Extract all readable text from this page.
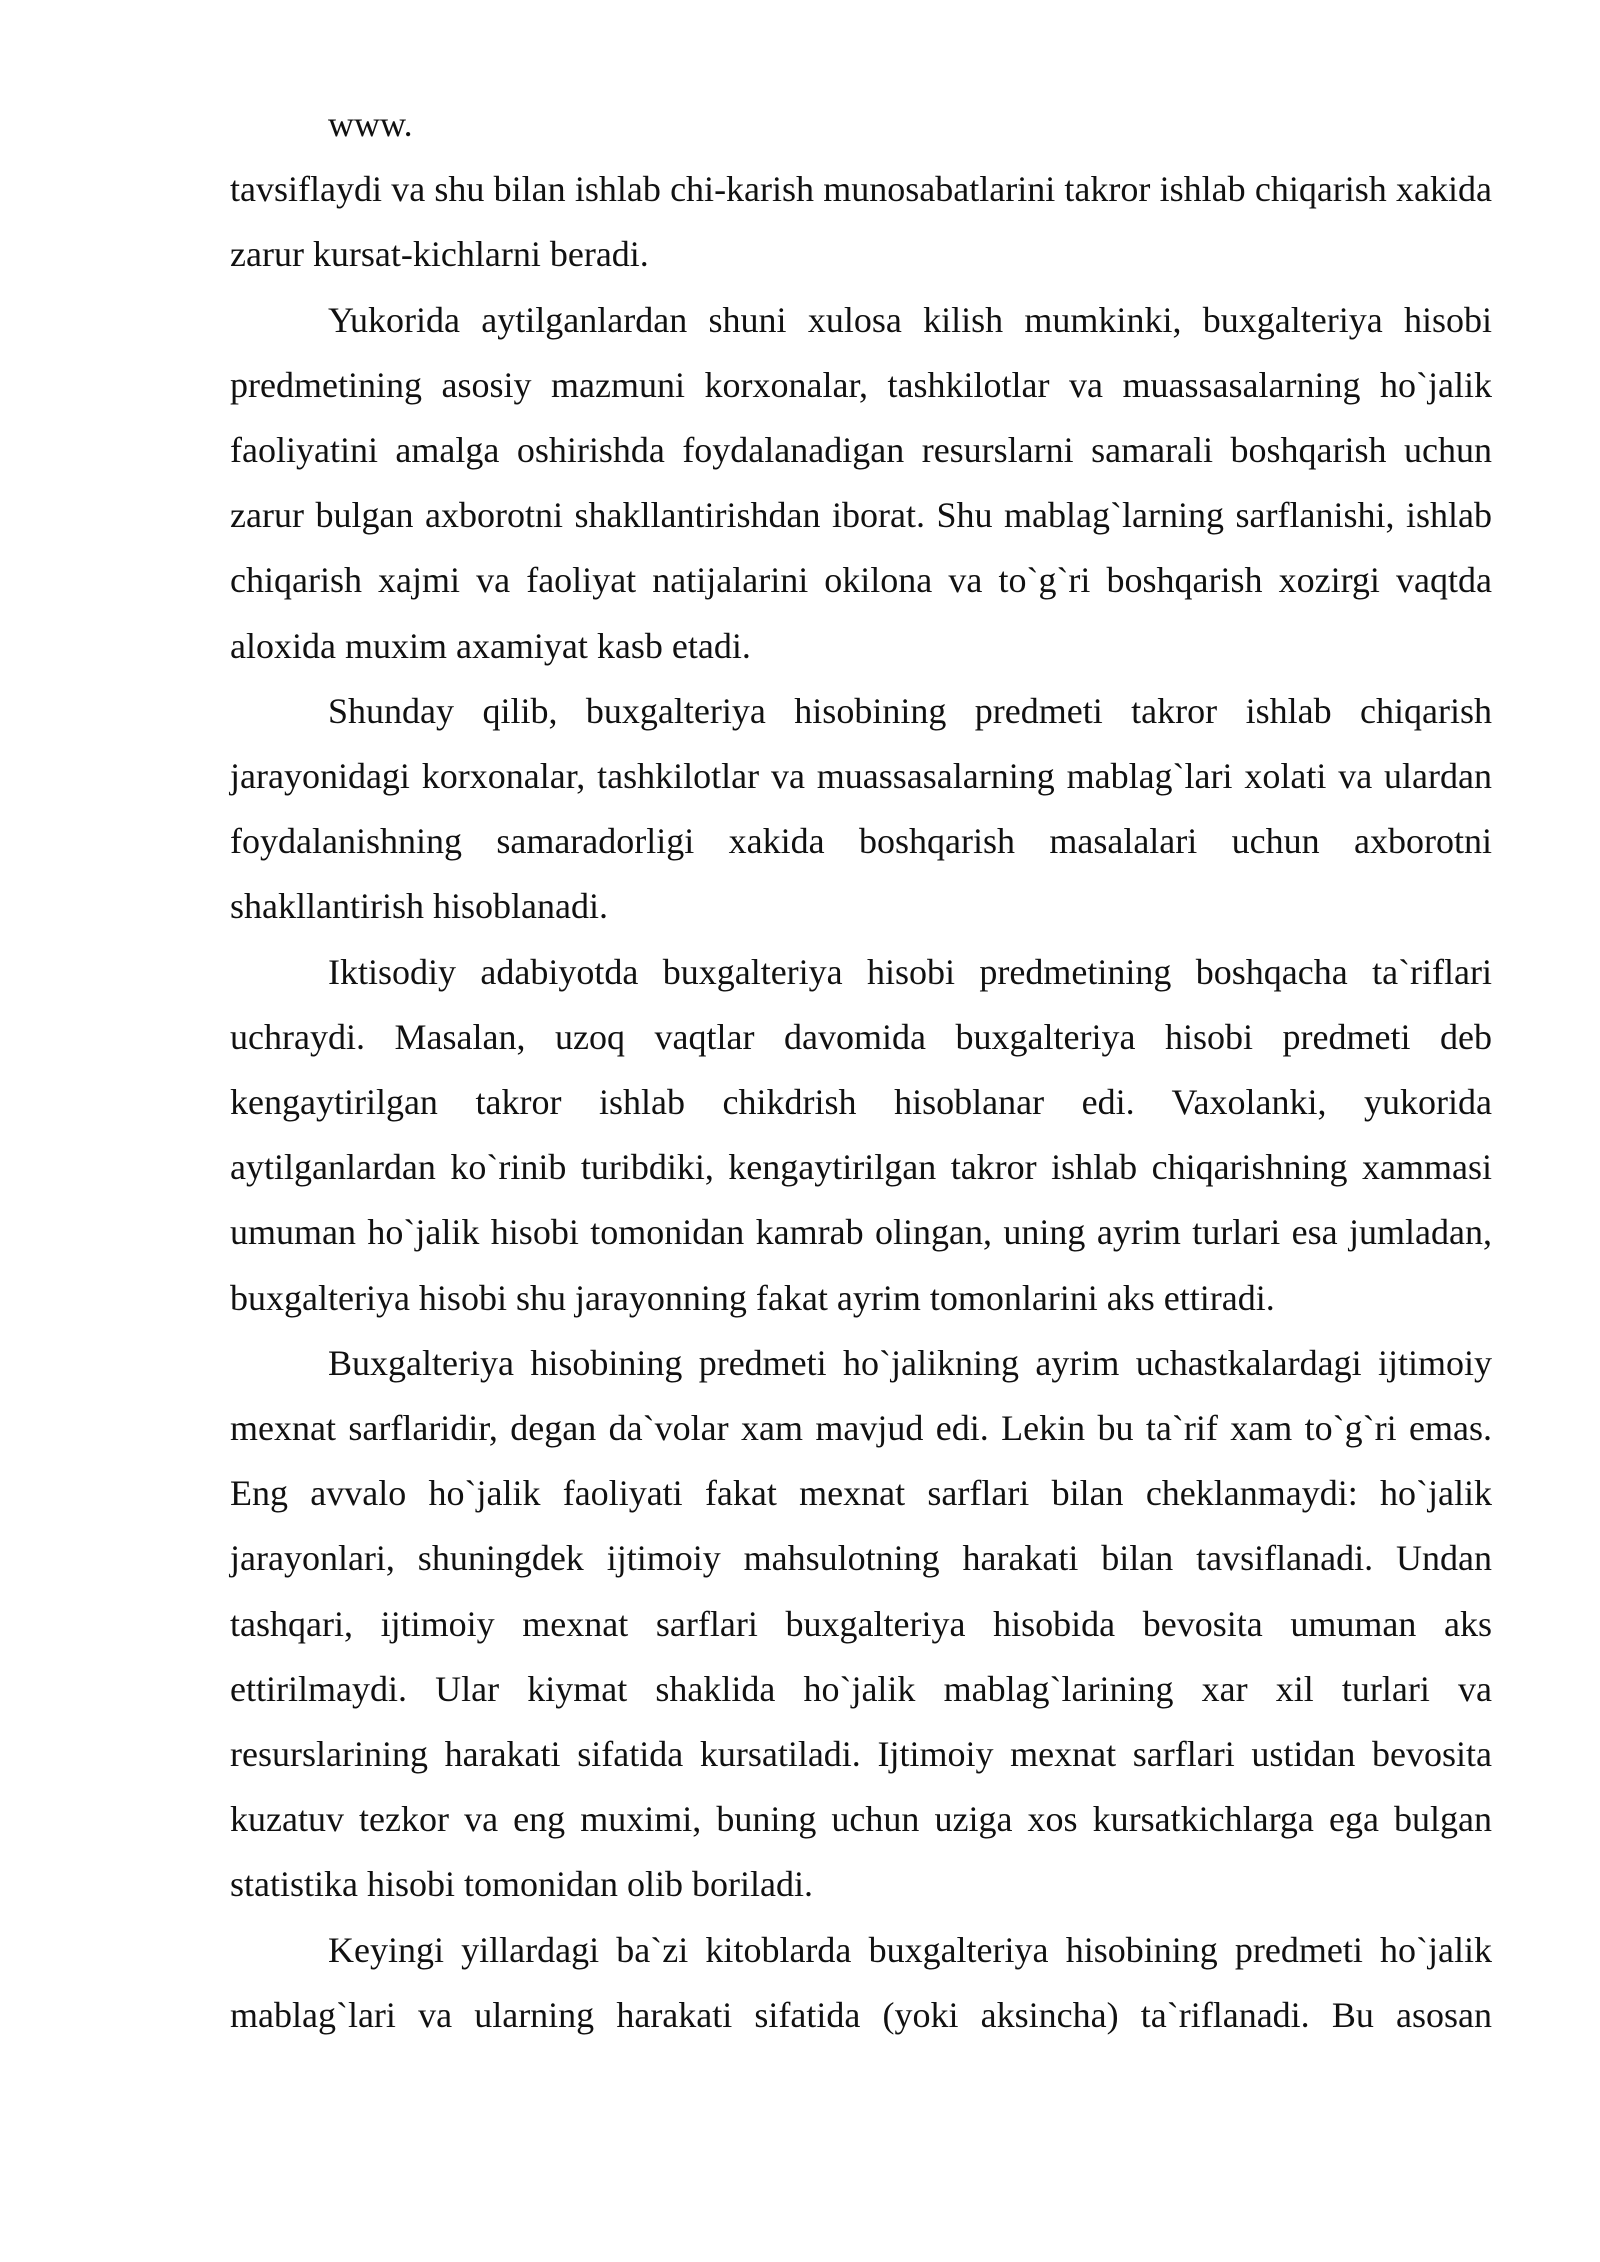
www.

tavsiflaydi va shu bilan ishlab chi-karish munosabatlarini takror ishlab chiqarish xakida zarur kursat-kichlarni beradi.

Yukorida aytilganlardan shuni xulosa kilish mumkinki, buxgalteriya hisobi predmetining asosiy mazmuni korxonalar, tashkilotlar va muassasalarning ho`jalik faoliyatini amalga oshirishda foydalanadigan resurslarni samarali boshqarish uchun zarur bulgan axborotni shakllantirishdan iborat. Shu mablag`larning sarflanishi, ishlab chiqarish xajmi va faoliyat natijalarini okilona va to`g`ri boshqarish xozirgi vaqtda aloxida muxim axamiyat kasb etadi.

Shunday qilib, buxgalteriya hisobining predmeti takror ishlab chiqarish jarayonidagi korxonalar, tashkilotlar va muassasalarning mablag`lari xolati va ulardan foydalanishning samaradorligi xakida boshqarish masalalari uchun axborotni shakllantirish hisoblanadi.

Iktisodiy adabiyotda buxgalteriya hisobi predmetining boshqacha ta`riflari uchraydi. Masalan, uzoq vaqtlar davomida buxgalteriya hisobi predmeti deb kengaytirilgan takror ishlab chikdrish hisoblanar edi. Vaxolanki, yukorida aytilganlardan ko`rinib turibdiki, kengaytirilgan takror ishlab chiqarishning xammasi umuman ho`jalik hisobi tomonidan kamrab olingan, uning ayrim turlari esa jumladan, buxgalteriya hisobi shu jarayonning fakat ayrim tomonlarini aks ettiradi.

Buxgalteriya hisobining predmeti ho`jalikning ayrim uchastkalardagi ijtimoiy mexnat sarflaridir, degan da`volar xam mavjud edi. Lekin bu ta`rif xam to`g`ri emas. Eng avvalo ho`jalik faoliyati fakat mexnat sarflari bilan cheklanmaydi: ho`jalik jarayonlari, shuningdek ijtimoiy mahsulotning harakati bilan tavsiflanadi. Undan tashqari, ijtimoiy mexnat sarflari buxgalteriya hisobida bevosita umuman aks ettirilmaydi. Ular kiymat shaklida ho`jalik mablag`larining xar xil turlari va resurslarining harakati sifatida kursatiladi. Ijtimoiy mexnat sarflari ustidan bevosita kuzatuv tezkor va eng muximi, buning uchun uziga xos kursatkichlarga ega bulgan statistika hisobi tomonidan olib boriladi.

Keyingi yillardagi ba`zi kitoblarda buxgalteriya hisobining predmeti ho`jalik mablag`lari va ularning harakati sifatida (yoki aksincha) ta`riflanadi. Bu asosan
